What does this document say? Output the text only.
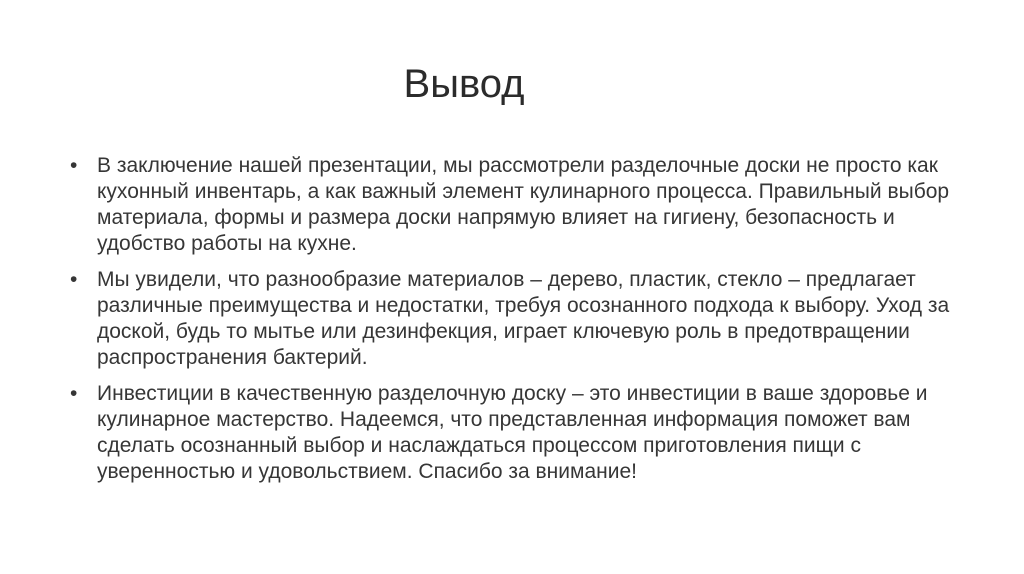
Вывод
• В заключение нашей презентации, мы рассмотрели разделочные доски не просто как кухонный инвентарь, а как важный элемент кулинарного процесса. Правильный выбор материала, формы и размера доски напрямую влияет на гигиену, безопасность и удобство работы на кухне.
• Мы увидели, что разнообразие материалов – дерево, пластик, стекло – предлагает различные преимущества и недостатки, требуя осознанного подхода к выбору. Уход за доской, будь то мытье или дезинфекция, играет ключевую роль в предотвращении распространения бактерий.
• Инвестиции в качественную разделочную доску – это инвестиции в ваше здоровье и кулинарное мастерство. Надеемся, что представленная информация поможет вам сделать осознанный выбор и наслаждаться процессом приготовления пищи с уверенностью и удовольствием. Спасибо за внимание!
